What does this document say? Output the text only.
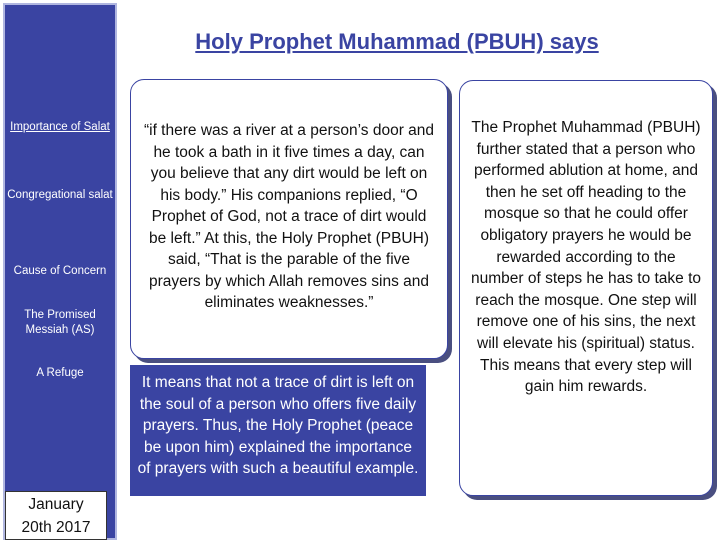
Importance of Salat
Congregational salat
Cause of Concern
The Promised Messiah (AS)
A Refuge
January
20th 2017
Holy Prophet Muhammad (PBUH) says
“if there was a river at a person’s door and he took a bath in it five times a day, can you believe that any dirt would be left on his body.” His companions replied, “O Prophet of God, not a trace of dirt would be left.” At this, the Holy Prophet (PBUH) said, “That is the parable of the five prayers by which Allah removes sins and eliminates weaknesses.”
It means that not a trace of dirt is left on the soul of a person who offers five daily prayers. Thus, the Holy Prophet (peace be upon him) explained the importance of prayers with such a beautiful example.
The Prophet Muhammad (PBUH) further stated that a person who performed ablution at home, and then he set off heading to the mosque so that he could offer obligatory prayers he would be rewarded according to the number of steps he has to take to reach the mosque. One step will remove one of his sins, the next will elevate his (spiritual) status. This means that every step will gain him rewards.
